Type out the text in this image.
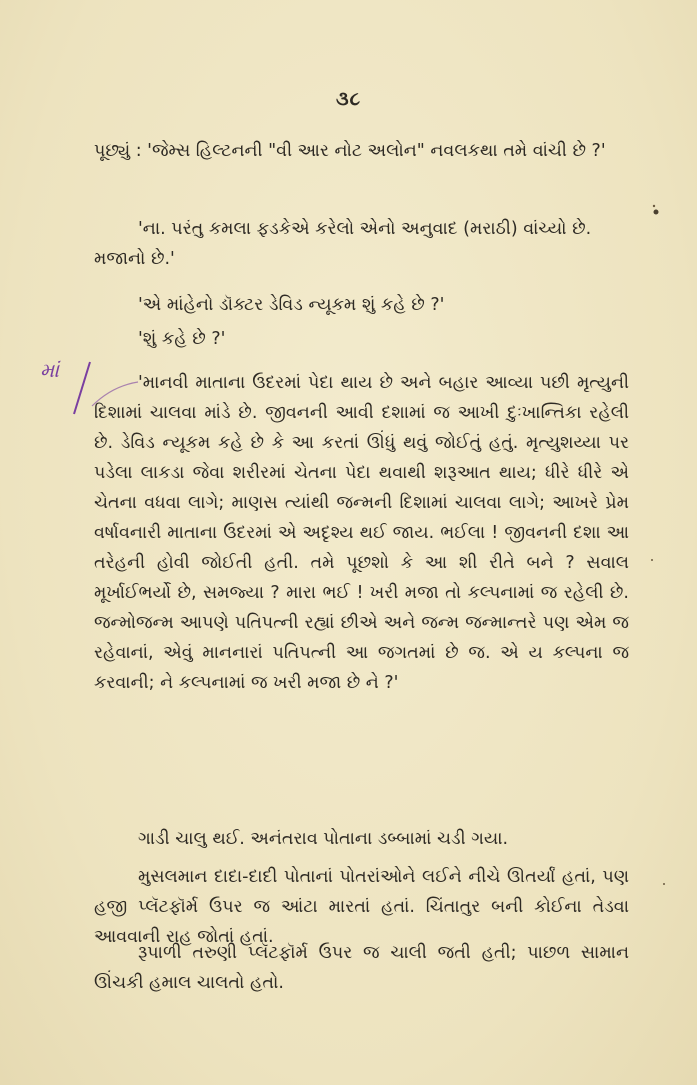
૩૮

પૂછ્યું : 'જેમ્સ હિલ્ટનની "વી આર નોટ અલોન" નવલકથા તમે વાંચી છે ?'

'ના. પરંતુ કમલા ફડકેએ કરેલો એનો અનુવાદ (મરાઠી) વાંચ્યો છે. મજાનો છે.'

'એ માંહેનો ડૉક્ટર ડેવિડ ન્યૂકમ શું કહે છે ?'

'શું કહે છે ?'

માં

'માનવી માતાના ઉદરમાં પેદા થાય છે અને બહાર આવ્યા પછી મૃત્યુની દિશામાં ચાલવા માંડે છે. જીવનની આવી દશામાં જ આખી દુઃખાન્તિકા રહેલી છે. ડેવિડ ન્યૂકમ કહે છે કે આ કરતાં ઊંધું થવું જોઈતું હતું. મૃત્યુશય્યા પર પડેલા લાકડા જેવા શરીરમાં ચેતના પેદા થવાથી શરૂઆત થાય; ધીરે ધીરે એ ચેતના વધવા લાગે; માણસ ત્યાંથી જન્મની દિશામાં ચાલવા લાગે; આખરે પ્રેમ વર્ષાવનારી માતાના ઉદરમાં એ અદૃશ્ય થઈ જાય. ભઈલા ! જીવનની દશા આ તરેહની હોવી જોઈતી હતી. તમે પૂછશો કે આ શી રીતે બને ? સવાલ મૂર્ખાઈભર્યો છે, સમજ્યા ? મારા ભઈ ! ખરી મજા તો કલ્પનામાં જ રહેલી છે. જન્મોજન્મ આપણે પતિપત્ની રહ્યાં છીએ અને જન્મ જન્માન્તરે પણ એમ જ રહેવાનાં, એવું માનનારાં પતિપત્ની આ જગતમાં છે જ. એ ય કલ્પના જ કરવાની; ને કલ્પનામાં જ ખરી મજા છે ને ?'

ગાડી ચાલુ થઈ. અનંતરાવ પોતાના ડબ્બામાં ચડી ગયા.

મુસલમાન દાદા-દાદી પોતાનાં પોતરાંઓને લઈને નીચે ઊતર્યાં હતાં, પણ હજી પ્લૅટફૉર્મ ઉપર જ આંટા મારતાં હતાં. ચિંતાતુર બની કોઈના તેડવા આવવાની રાહ જોતાં હતાં.

રૂપાળી તરુણી પ્લૅટફૉર્મ ઉપર જ ચાલી જતી હતી; પાછળ સામાન ઊંચકી હમાલ ચાલતો હતો.
